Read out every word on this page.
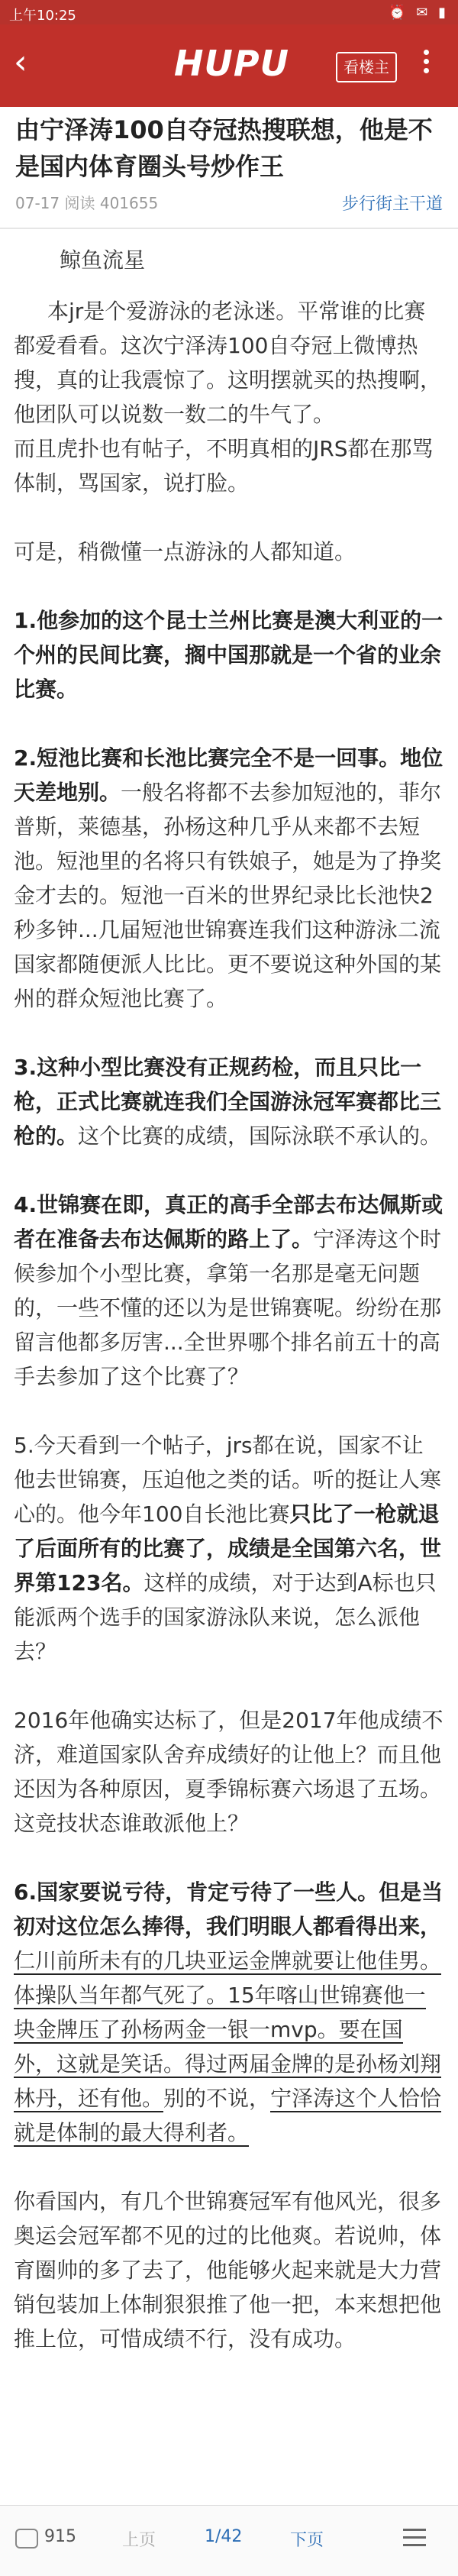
上午10:25	⏰ ✉ ▮
‹	HUPU	看楼主
由宁泽涛100自夺冠热搜联想，他是不是国内体育圈头号炒作王
07-17 阅读 401655	步行街主干道

鲸鱼流星

本jr是个爱游泳的老泳迷。平常谁的比赛都爱看看。这次宁泽涛100自夺冠上微博热搜，真的让我震惊了。这明摆就买的热搜啊，他团队可以说数一数二的牛气了。
而且虎扑也有帖子，不明真相的JRS都在那骂体制，骂国家，说打脸。

可是，稍微懂一点游泳的人都知道。

1.他参加的这个昆士兰州比赛是澳大利亚的一个州的民间比赛，搁中国那就是一个省的业余比赛。

2.短池比赛和长池比赛完全不是一回事。地位天差地别。一般名将都不去参加短池的，菲尔普斯，莱德基，孙杨这种几乎从来都不去短池。短池里的名将只有铁娘子，她是为了挣奖金才去的。短池一百米的世界纪录比长池快2秒多钟...几届短池世锦赛连我们这种游泳二流国家都随便派人比比。更不要说这种外国的某州的群众短池比赛了。

3.这种小型比赛没有正规药检，而且只比一枪，正式比赛就连我们全国游泳冠军赛都比三枪的。这个比赛的成绩，国际泳联不承认的。

4.世锦赛在即，真正的高手全部去布达佩斯或者在准备去布达佩斯的路上了。宁泽涛这个时候参加个小型比赛，拿第一名那是毫无问题的，一些不懂的还以为是世锦赛呢。纷纷在那留言他都多厉害...全世界哪个排名前五十的高手去参加了这个比赛了？

5.今天看到一个帖子，jrs都在说，国家不让他去世锦赛，压迫他之类的话。听的挺让人寒心的。他今年100自长池比赛只比了一枪就退了后面所有的比赛了，成绩是全国第六名，世界第123名。这样的成绩，对于达到A标也只能派两个选手的国家游泳队来说，怎么派他去？

2016年他确实达标了，但是2017年他成绩不济，难道国家队舍弃成绩好的让他上？而且他还因为各种原因，夏季锦标赛六场退了五场。这竞技状态谁敢派他上？

6.国家要说亏待，肯定亏待了一些人。但是当初对这位怎么捧得，我们明眼人都看得出来，仁川前所未有的几块亚运金牌就要让他佳男。体操队当年都气死了。15年喀山世锦赛他一块金牌压了孙杨两金一银一mvp。要在国外，这就是笑话。得过两届金牌的是孙杨刘翔林丹，还有他。别的不说，宁泽涛这个人恰恰就是体制的最大得利者。

你看国内，有几个世锦赛冠军有他风光，很多奥运会冠军都不见的过的比他爽。若说帅，体育圈帅的多了去了，他能够火起来就是大力营销包装加上体制狠狠推了他一把，本来想把他推上位，可惜成绩不行，没有成功。

915	上页	1/42	下页
